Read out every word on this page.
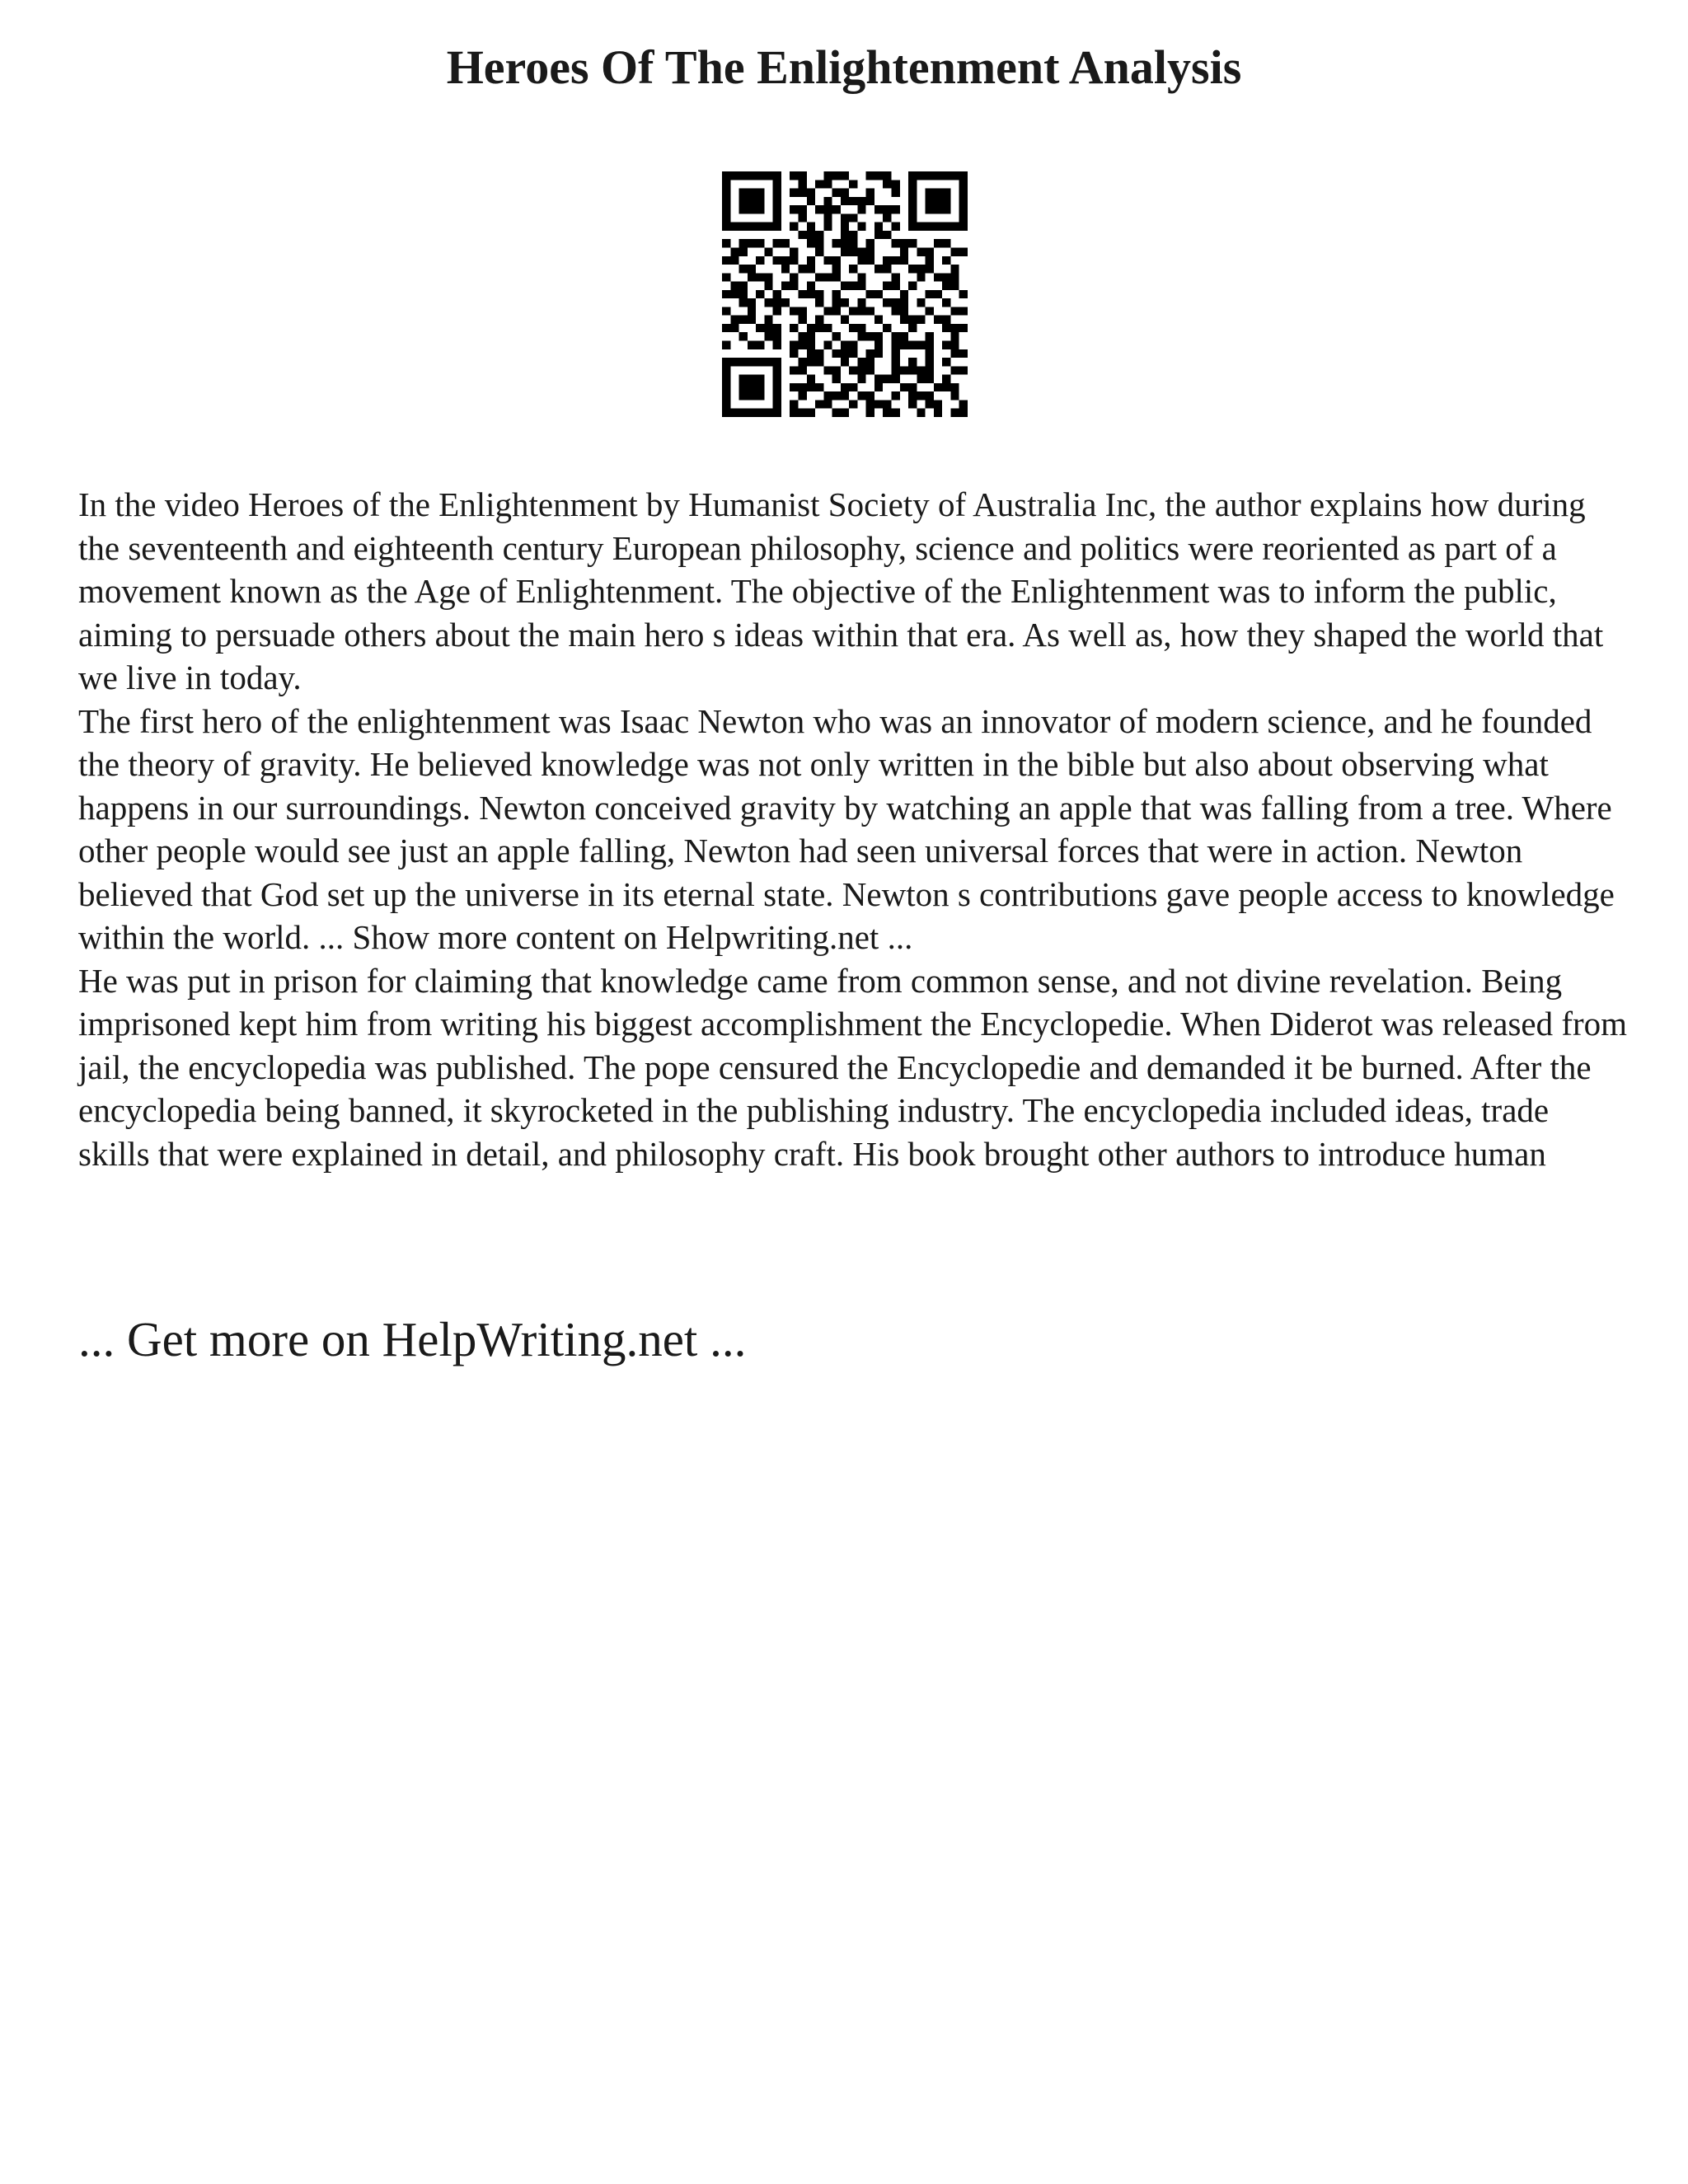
Heroes Of The Enlightenment Analysis

In the video Heroes of the Enlightenment by Humanist Society of Australia Inc, the author explains how during the seventeenth and eighteenth century European philosophy, science and politics were reoriented as part of a movement known as the Age of Enlightenment. The objective of the Enlightenment was to inform the public, aiming to persuade others about the main hero s ideas within that era. As well as, how they shaped the world that we live in today.

The first hero of the enlightenment was Isaac Newton who was an innovator of modern science, and he founded the theory of gravity. He believed knowledge was not only written in the bible but also about observing what happens in our surroundings. Newton conceived gravity by watching an apple that was falling from a tree. Where other people would see just an apple falling, Newton had seen universal forces that were in action. Newton believed that God set up the universe in its eternal state. Newton s contributions gave people access to knowledge within the world. ... Show more content on Helpwriting.net ...

He was put in prison for claiming that knowledge came from common sense, and not divine revelation. Being imprisoned kept him from writing his biggest accomplishment the Encyclopedie. When Diderot was released from jail, the encyclopedia was published. The pope censured the Encyclopedie and demanded it be burned. After the encyclopedia being banned, it skyrocketed in the publishing industry. The encyclopedia included ideas, trade skills that were explained in detail, and philosophy craft. His book brought other authors to introduce human

... Get more on HelpWriting.net ...
